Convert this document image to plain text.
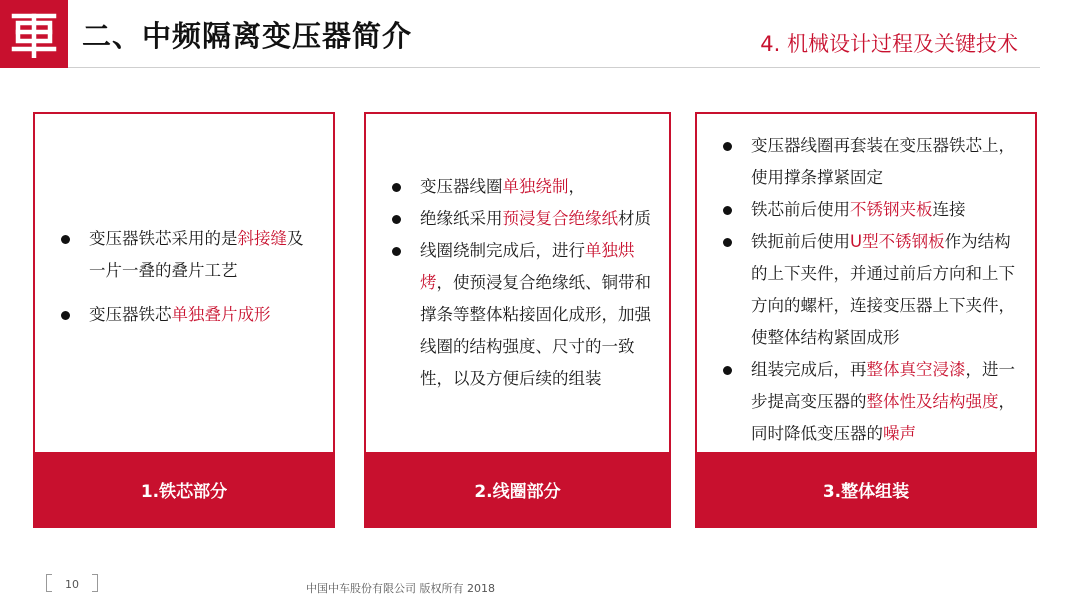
二、中频隔离变压器简介	4. 机械设计过程及关键技术
变压器铁芯采用的是斜接缝及一片一叠的叠片工艺
变压器铁芯单独叠片成形
1.铁芯部分
变压器线圈单独绕制，
绝缘纸采用预浸复合绝缘纸材质
线圈绕制完成后，进行单独烘烤，使预浸复合绝缘纸、铜带和撑条等整体粘接固化成形，加强线圈的结构强度、尺寸的一致性，以及方便后续的组装
2.线圈部分
变压器线圈再套装在变压器铁芯上，使用撑条撑紧固定
铁芯前后使用不锈钢夹板连接
铁扼前后使用U型不锈钢板作为结构的上下夹件，并通过前后方向和上下方向的螺杆，连接变压器上下夹件，使整体结构紧固成形
组装完成后，再整体真空浸漆，进一步提高变压器的整体性及结构强度，同时降低变压器的噪声
3.整体组装
10	中国中车股份有限公司 版权所有 2018
